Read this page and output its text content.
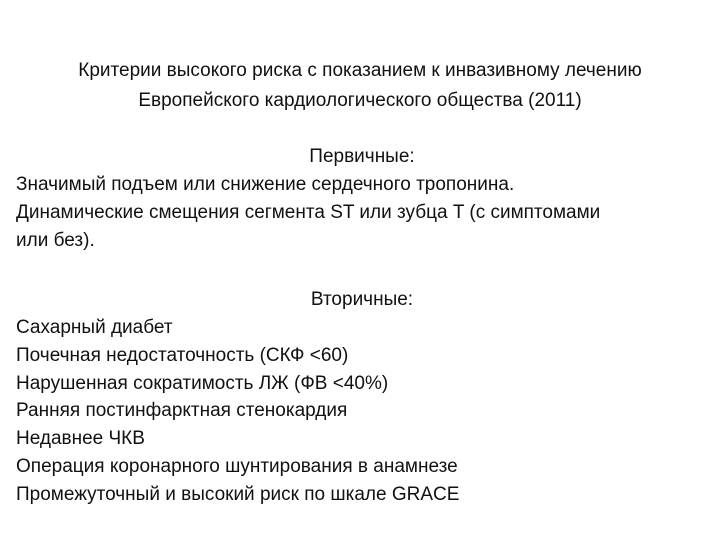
Критерии высокого риска с показанием к инвазивному лечению
Европейского кардиологического общества (2011)
Первичные:
Значимый подъем или снижение сердечного тропонина.
Динамические смещения сегмента ST или зубца T (с симптомами
или без).
Вторичные:
Сахарный диабет
Почечная недостаточность (СКФ <60)
Нарушенная сократимость ЛЖ (ФВ <40%)
Ранняя постинфарктная стенокардия
Недавнее ЧКВ
Операция коронарного шунтирования в анамнезе
Промежуточный и высокий риск по шкале GRACE
